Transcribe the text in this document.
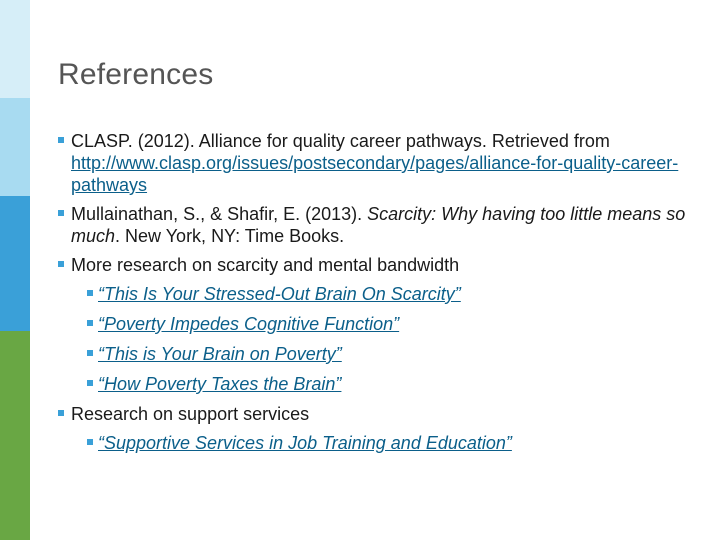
References
CLASP. (2012). Alliance for quality career pathways. Retrieved from http://www.clasp.org/issues/postsecondary/pages/alliance-for-quality-career-pathways
Mullainathan, S., & Shafir, E. (2013). Scarcity: Why having too little means so much. New York, NY: Time Books.
More research on scarcity and mental bandwidth
“This Is Your Stressed-Out Brain On Scarcity”
“Poverty Impedes Cognitive Function”
“This is Your Brain on Poverty”
“How Poverty Taxes the Brain”
Research on support services
“Supportive Services in Job Training and Education”
